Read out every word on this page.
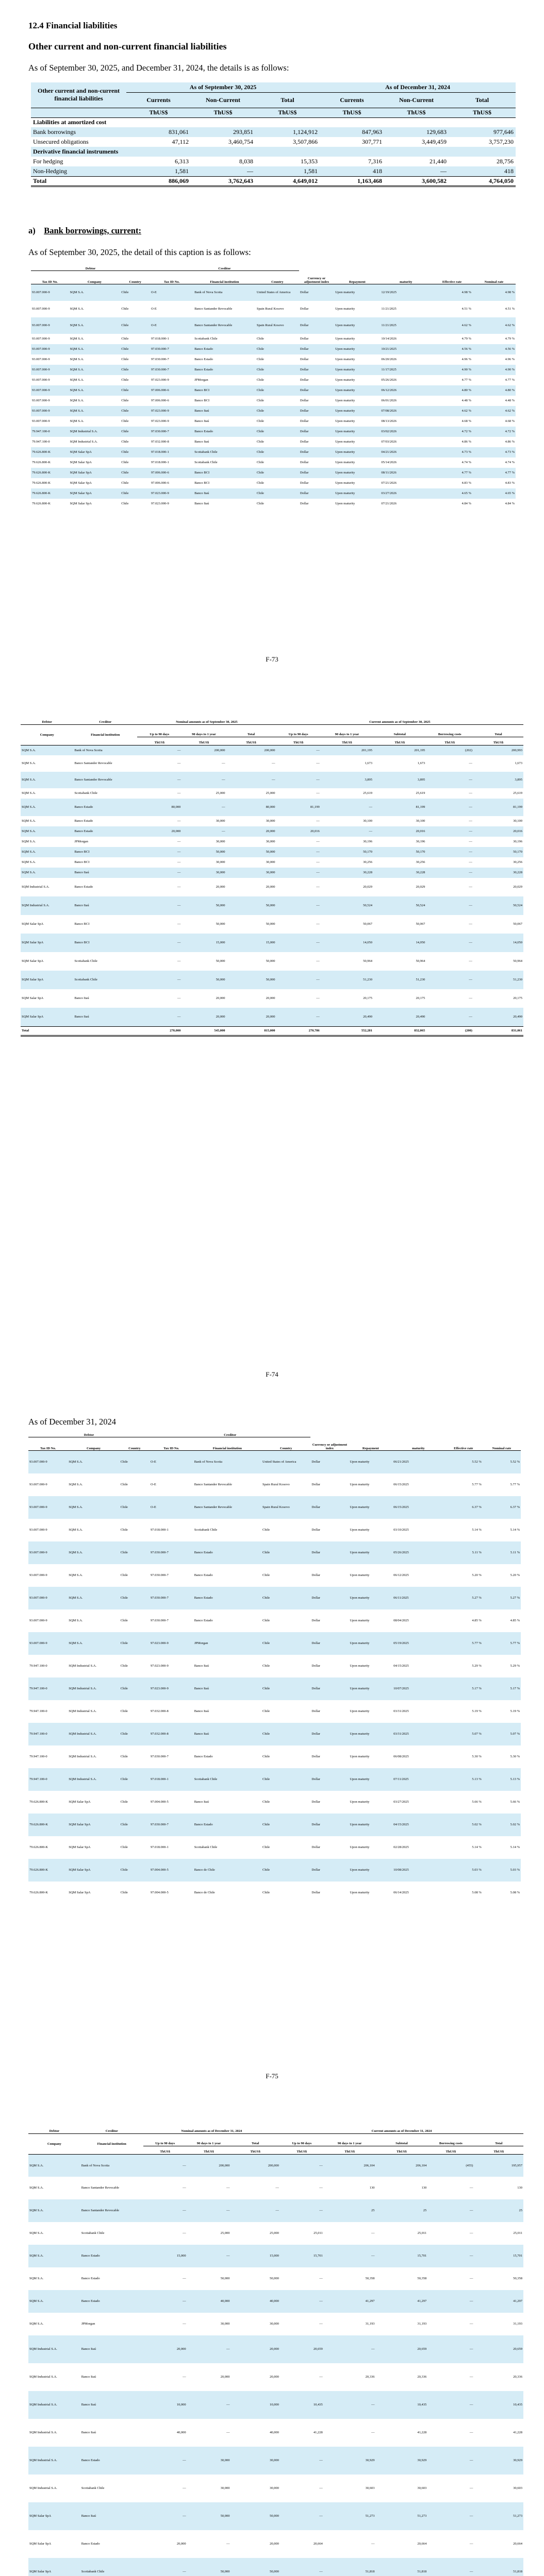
12.4 Financial liabilities
Other current and non-current financial liabilities
As of September 30, 2025, and December 31, 2024, the details is as follows:
Other current and non-current financial liabilities	As of September 30, 2025			As of December 31, 2024		
	Currents	Non-Current	Total	Currents	Non-Current	Total
	ThUS$	ThUS$	ThUS$	ThUS$	ThUS$	ThUS$
Liabilities at amortized cost						
Bank borrowings	831,061	293,851	1,124,912	847,963	129,683	977,646
Unsecured obligations	47,112	3,460,754	3,507,866	307,771	3,449,459	3,757,230
Derivative financial instruments						
For hedging	6,313	8,038	15,353	7,316	21,440	28,756
Non-Hedging	1,581	—	1,581	418	—	418
Total	886,069	3,762,643	4,649,012	1,163,468	3,600,582	4,764,050
a) Bank borrowings, current:
As of September 30, 2025, the detail of this caption is as follows:
Debtor			Creditor							
Tax ID No.	Company	Country	Tax ID No.	Financial institution	Country	Currency or adjustment index	Repayment	maturity	Effective rate	Nominal rate
93.007.000-9	SQM S.A.	Chile	O-E	Bank of Nova Scotia	United States of America	Dollar	Upon maturity	12/19/2025	4.98 %	4.98 %
93.007.000-9	SQM S.A.	Chile	O-E	Banco Santander Revocable	Spain Rural Kosovo	Dollar	Upon maturity	11/21/2025	4.51 %	4.51 %
93.007.000-9	SQM S.A.	Chile	O-E	Banco Santander Revocable	Spain Rural Kosovo	Dollar	Upon maturity	11/21/2025	4.62 %	4.62 %
93.007.000-9	SQM S.A.	Chile	97.018.000-1	Scotiabank Chile	Chile	Dollar	Upon maturity	10/14/2026	4.79 %	4.79 %
93.007.000-9	SQM S.A.	Chile	97.030.000-7	Banco Estado	Chile	Dollar	Upon maturity	10/21/2025	4.56 %	4.56 %
93.007.000-9	SQM S.A.	Chile	97.030.000-7	Banco Estado	Chile	Dollar	Upon maturity	06/20/2026	4.96 %	4.96 %
93.007.000-9	SQM S.A.	Chile	97.030.000-7	Banco Estado	Chile	Dollar	Upon maturity	11/17/2025	4.90 %	4.90 %
93.007.000-9	SQM S.A.	Chile	97.023.000-9	JPMorgan	Chile	Dollar	Upon maturity	05/26/2026	4.77 %	4.77 %
93.007.000-9	SQM S.A.	Chile	97.006.000-6	Banco BCI	Chile	Dollar	Upon maturity	06/12/2026	4.80 %	4.80 %
93.007.000-9	SQM S.A.	Chile	97.006.000-6	Banco BCI	Chile	Dollar	Upon maturity	06/01/2026	4.48 %	4.48 %
93.007.000-9	SQM S.A.	Chile	97.023.000-9	Banco Itaú	Chile	Dollar	Upon maturity	07/08/2026	4.62 %	4.62 %
93.007.000-9	SQM S.A.	Chile	97.023.000-9	Banco Itaú	Chile	Dollar	Upon maturity	08/13/2026	4.68 %	4.68 %
79.947.100-0	SQM Industrial S.A.	Chile	97.030.000-7	Banco Estado	Chile	Dollar	Upon maturity	03/02/2026	4.72 %	4.72 %
79.947.100-0	SQM Industrial S.A.	Chile	97.032.000-8	Banco Itaú	Chile	Dollar	Upon maturity	07/03/2026	4.86 %	4.86 %
79.626.800-K	SQM Salar SpA	Chile	97.018.000-1	Scotiabank Chile	Chile	Dollar	Upon maturity	04/21/2026	4.73 %	4.73 %
79.626.800-K	SQM Salar SpA	Chile	97.018.000-1	Scotiabank Chile	Chile	Dollar	Upon maturity	05/14/2026	4.74 %	4.74 %
79.626.800-K	SQM Salar SpA	Chile	97.006.000-6	Banco BCI	Chile	Dollar	Upon maturity	08/11/2026	4.77 %	4.77 %
79.626.800-K	SQM Salar SpA	Chile	97.006.000-6	Banco BCI	Chile	Dollar	Upon maturity	07/21/2026	4.83 %	4.83 %
79.626.800-K	SQM Salar SpA	Chile	97.023.000-9	Banco Itaú	Chile	Dollar	Upon maturity	03/27/2026	4.65 %	4.65 %
79.626.800-K	SQM Salar SpA	Chile	97.023.000-9	Banco Itaú	Chile	Dollar	Upon maturity	07/21/2026	4.84 %	4.84 %
F-73
Debtor	Creditor	Nominal amounts as of September 30, 2025			Current amounts as of September 30, 2025				
Company	Financial institution	Up to 90 days	90 days to 1 year	Total	Up to 90 days	90 days to 1 year	Subtotal	Borrowing costs	Total
		ThUS$	ThUS$	ThUS$	ThUS$	ThUS$	ThUS$	ThUS$	ThUS$
SQM S.A.	Bank of Nova Scotia	—	200,000	200,000	—	201,195	201,195	(202)	200,993
SQM S.A.	Banco Santander Revocable	—	—	—	—	1,673	1,673	—	1,673
SQM S.A.	Banco Santander Revocable	—	—	—	—	3,895	3,895	—	3,895
SQM S.A.	Scotiabank Chile	—	25,000	25,000	—	25,619	25,619	—	25,619
SQM S.A.	Banco Estado	80,000	—	80,000	81,199	—	81,199	—	81,199
SQM S.A.	Banco Estado	—	30,000	30,000	—	30,100	30,100	—	30,100
SQM S.A.	Banco Estado	20,000	—	20,000	20,016	—	20,016	—	20,016
SQM S.A.	JPMorgan	—	30,000	30,000	—	30,196	30,196	—	30,196
SQM S.A.	Banco BCI	—	50,000	50,000	—	50,170	50,170	—	50,170
SQM S.A.	Banco BCI	—	30,000	30,000	—	30,256	30,256	—	30,256
SQM S.A.	Banco Itaú	—	30,000	30,000	—	30,228	30,228	—	30,228
SQM Industrial S.A.	Banco Estado	—	20,000	20,000	—	20,029	20,029	—	20,029
SQM Industrial S.A.	Banco Itaú	—	50,000	50,000	—	50,524	50,524	—	50,524
SQM Salar SpA	Banco BCI	—	50,000	50,000	—	50,067	50,067	—	50,067
SQM Salar SpA	Banco BCI	—	15,000	15,000	—	14,050	14,050	—	14,050
SQM Salar SpA	Scotiabank Chile	—	50,000	50,000	—	50,964	50,964	—	50,964
SQM Salar SpA	Scotiabank Chile	—	50,000	50,000	—	51,230	51,230	—	51,230
SQM Salar SpA	Banco Itaú	—	20,000	20,000	—	20,175	20,175	—	20,175
SQM Salar SpA	Banco Itaú	—	20,000	20,000	—	20,490	20,490	—	20,490
Total		270,000	545,000	815,000	270,786	552,281	832,065	(200)	831,061
F-74
As of December 31, 2024
Debtor			Creditor							
Tax ID No.	Company	Country	Tax ID No.	Financial institution	Country	Currency or adjustment index	Repayment	maturity	Effective rate	Nominal rate
93.007.000-9	SQM S.A.	Chile	O-E	Bank of Nova Scotia	United States of America	Dollar	Upon maturity	06/21/2025	5.52 %	5.52 %
93.007.000-9	SQM S.A.	Chile	O-E	Banco Santander Revocable	Spain Rural Kosovo	Dollar	Upon maturity	06/15/2025	5.77 %	5.77 %
93.007.000-9	SQM S.A.	Chile	O-E	Banco Santander Revocable	Spain Rural Kosovo	Dollar	Upon maturity	06/15/2025	6.37 %	6.37 %
93.007.000-9	SQM S.A.	Chile	97.018.000-1	Scotiabank Chile	Chile	Dollar	Upon maturity	03/10/2025	5.14 %	5.14 %
93.007.000-9	SQM S.A.	Chile	97.030.000-7	Banco Estado	Chile	Dollar	Upon maturity	05/26/2025	5.11 %	5.11 %
93.007.000-9	SQM S.A.	Chile	97.030.000-7	Banco Estado	Chile	Dollar	Upon maturity	06/12/2025	5.20 %	5.20 %
93.007.000-9	SQM S.A.	Chile	97.030.000-7	Banco Estado	Chile	Dollar	Upon maturity	06/11/2025	5.27 %	5.27 %
93.007.000-9	SQM S.A.	Chile	97.030.000-7	Banco Estado	Chile	Dollar	Upon maturity	08/04/2025	4.85 %	4.85 %
93.007.000-9	SQM S.A.	Chile	97.023.000-9	JPMorgan	Chile	Dollar	Upon maturity	05/19/2025	5.77 %	5.77 %
79.947.100-0	SQM Industrial S.A.	Chile	97.023.000-9	Banco Itaú	Chile	Dollar	Upon maturity	04/15/2025	5.29 %	5.29 %
79.947.100-0	SQM Industrial S.A.	Chile	97.023.000-9	Banco Itaú	Chile	Dollar	Upon maturity	10/07/2025	5.17 %	5.17 %
79.947.100-0	SQM Industrial S.A.	Chile	97.032.000-8	Banco Itaú	Chile	Dollar	Upon maturity	03/31/2025	5.19 %	5.19 %
79.947.100-0	SQM Industrial S.A.	Chile	97.032.000-8	Banco Itaú	Chile	Dollar	Upon maturity	03/31/2025	5.07 %	5.07 %
79.947.100-0	SQM Industrial S.A.	Chile	97.030.000-7	Banco Estado	Chile	Dollar	Upon maturity	06/08/2025	5.30 %	5.30 %
79.947.100-0	SQM Industrial S.A.	Chile	97.018.000-1	Scotiabank Chile	Chile	Dollar	Upon maturity	07/11/2025	5.13 %	5.13 %
79.626.800-K	SQM Salar SpA	Chile	97.004.000-5	Banco Itaú	Chile	Dollar	Upon maturity	03/27/2025	5.66 %	5.66 %
79.626.800-K	SQM Salar SpA	Chile	97.030.000-7	Banco Estado	Chile	Dollar	Upon maturity	04/15/2025	5.02 %	5.02 %
79.626.800-K	SQM Salar SpA	Chile	97.018.000-1	Scotiabank Chile	Chile	Dollar	Upon maturity	02/28/2025	5.14 %	5.14 %
79.626.800-K	SQM Salar SpA	Chile	97.004.000-5	Banco de Chile	Chile	Dollar	Upon maturity	10/08/2025	5.03 %	5.03 %
79.626.800-K	SQM Salar SpA	Chile	97.004.000-5	Banco de Chile	Chile	Dollar	Upon maturity	06/14/2025	5.08 %	5.08 %
F-75
Debtor	Creditor	Nominal amounts as of December 31, 2024			Current amounts as of December 31, 2024				
Company	Financial institution	Up to 90 days	90 days to 1 year	Total	Up to 90 days	90 days to 1 year	Subtotal	Borrowing costs	Total
		ThUS$	ThUS$	ThUS$	ThUS$	ThUS$	ThUS$	ThUS$	ThUS$
SQM S.A.	Bank of Nova Scotia	—	200,000	200,000	—	206,104	206,104	(455)	195,957
SQM S.A.	Banco Santander Revocable	—	—	—	—	130	130	—	130
SQM S.A.	Banco Santander Revocable	—	—	—	—	25	25	—	25
SQM S.A.	Scotiabank Chile	—	25,000	25,000	25,011	—	25,011	—	25,011
SQM S.A.	Banco Estado	15,000	—	15,000	15,701	—	15,701	—	15,701
SQM S.A.	Banco Estado	—	50,000	50,000	—	50,358	50,358	—	50,358
SQM S.A.	Banco Estado	—	40,000	40,000	—	41,297	41,297	—	41,297
SQM S.A.	JPMorgan	—	30,000	30,000	—	31,193	31,193	—	31,193
SQM Industrial S.A.	Banco Itaú	20,000	—	20,000	20,659	—	20,659	—	20,659
SQM Industrial S.A.	Banco Itaú	—	20,000	20,000	—	20,336	20,336	—	20,336
SQM Industrial S.A.	Banco Itaú	10,000	—	10,000	10,435	—	10,435	—	10,435
SQM Industrial S.A.	Banco Itaú	40,000	—	40,000	41,228	—	41,228	—	41,228
SQM Industrial S.A.	Banco Estado	—	30,000	30,000	—	30,929	30,929	—	30,929
SQM Industrial S.A.	Scotiabank Chile	—	30,000	30,000	—	30,603	30,603	—	30,603
SQM Salar SpA	Banco Itaú	—	50,000	50,000	—	51,273	51,273	—	51,273
SQM Salar SpA	Banco Estado	20,000	—	20,000	20,664	—	20,664	—	20,664
SQM Salar SpA	Scotiabank Chile	—	50,000	50,000	—	51,818	51,818	—	51,818
